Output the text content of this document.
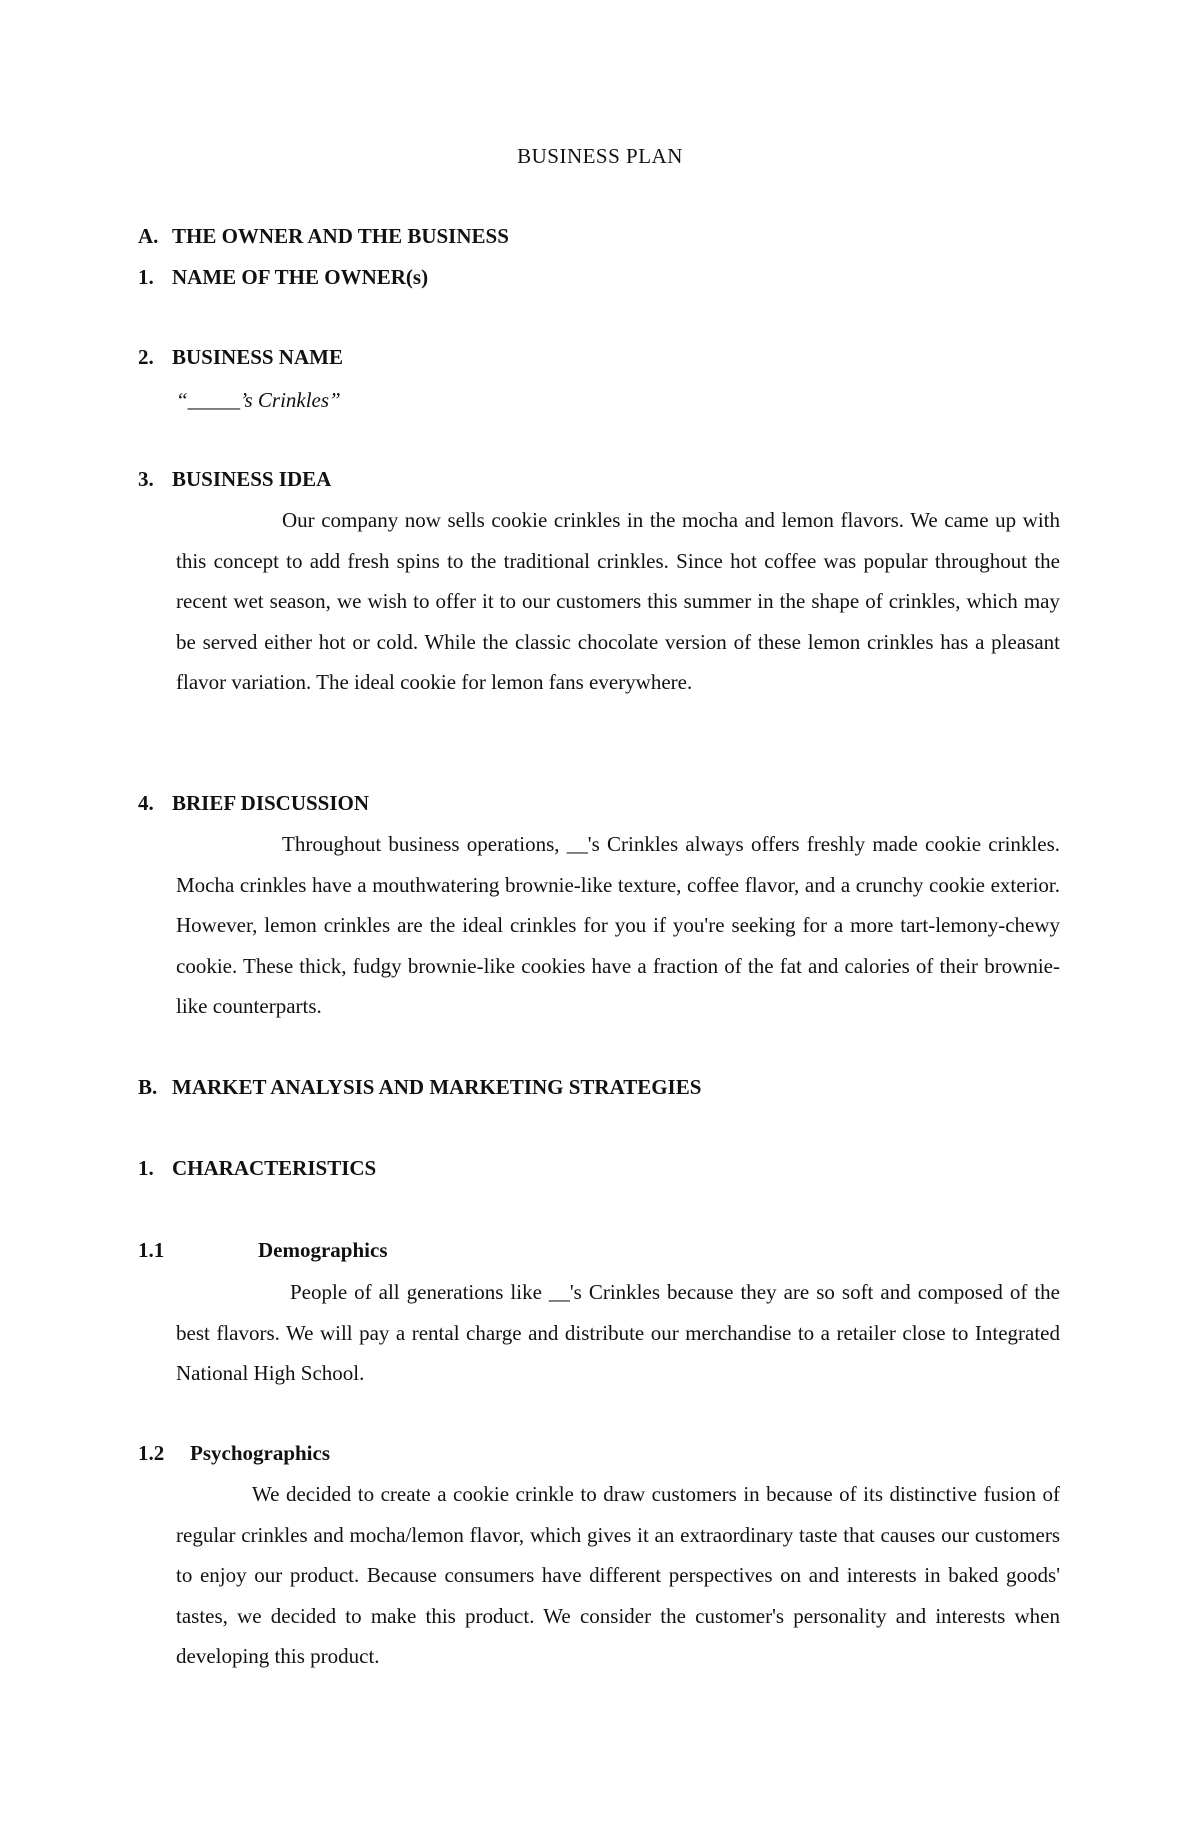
BUSINESS PLAN
A. THE OWNER AND THE BUSINESS
1. NAME OF THE OWNER(s)
2. BUSINESS NAME
“_____’s Crinkles”
3. BUSINESS IDEA

Our company now sells cookie crinkles in the mocha and lemon flavors. We came up with this concept to add fresh spins to the traditional crinkles. Since hot coffee was popular throughout the recent wet season, we wish to offer it to our customers this summer in the shape of crinkles, which may be served either hot or cold. While the classic chocolate version of these lemon crinkles has a pleasant flavor variation. The ideal cookie for lemon fans everywhere.

4. BRIEF DISCUSSION

Throughout business operations, __'s Crinkles always offers freshly made cookie crinkles. Mocha crinkles have a mouthwatering brownie-like texture, coffee flavor, and a crunchy cookie exterior. However, lemon crinkles are the ideal crinkles for you if you're seeking for a more tart-lemony-chewy cookie. These thick, fudgy brownie-like cookies have a fraction of the fat and calories of their brownie-like counterparts.

B. MARKET ANALYSIS AND MARKETING STRATEGIES
1. CHARACTERISTICS
1.1	Demographics

People of all generations like __'s Crinkles because they are so soft and composed of the best flavors. We will pay a rental charge and distribute our merchandise to a retailer close to Integrated National High School.

1.2 Psychographics

We decided to create a cookie crinkle to draw customers in because of its distinctive fusion of regular crinkles and mocha/lemon flavor, which gives it an extraordinary taste that causes our customers to enjoy our product. Because consumers have different perspectives on and interests in baked goods' tastes, we decided to make this product. We consider the customer's personality and interests when developing this product.
